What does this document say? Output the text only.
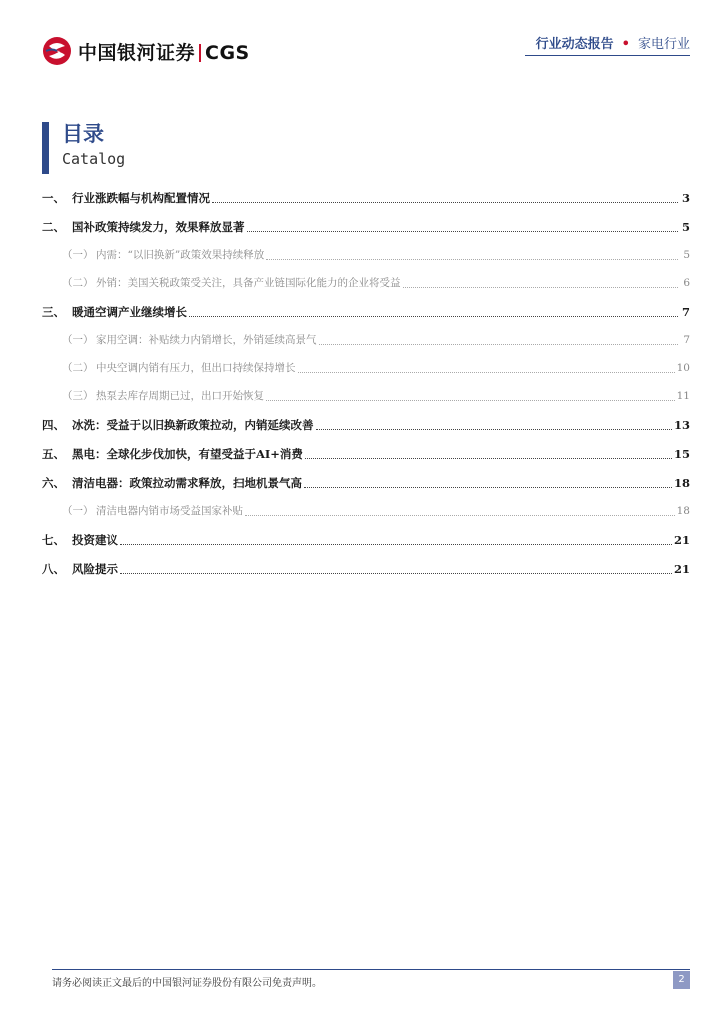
中国银河证券 CGS	行业动态报告 • 家电行业
目录
Catalog
一、 行业涨跌幅与机构配置情况	3
二、 国补政策持续发力，效果释放显著	5
（一） 内需：“以旧换新”政策效果持续释放	5
（二） 外销：美国关税政策受关注，具备产业链国际化能力的企业将受益	6
三、 暖通空调产业继续增长	7
（一） 家用空调：补贴续力内销增长，外销延续高景气	7
（二） 中央空调内销有压力，但出口持续保持增长	10
（三） 热泵去库存周期已过，出口开始恢复	11
四、 冰洗：受益于以旧换新政策拉动，内销延续改善	13
五、 黑电：全球化步伐加快，有望受益于AI+消费	15
六、 清洁电器：政策拉动需求释放，扫地机景气高	18
（一） 清洁电器内销市场受益国家补贴	18
七、 投资建议	21
八、 风险提示	21
请务必阅读正文最后的中国银河证券股份有限公司免责声明。	2
